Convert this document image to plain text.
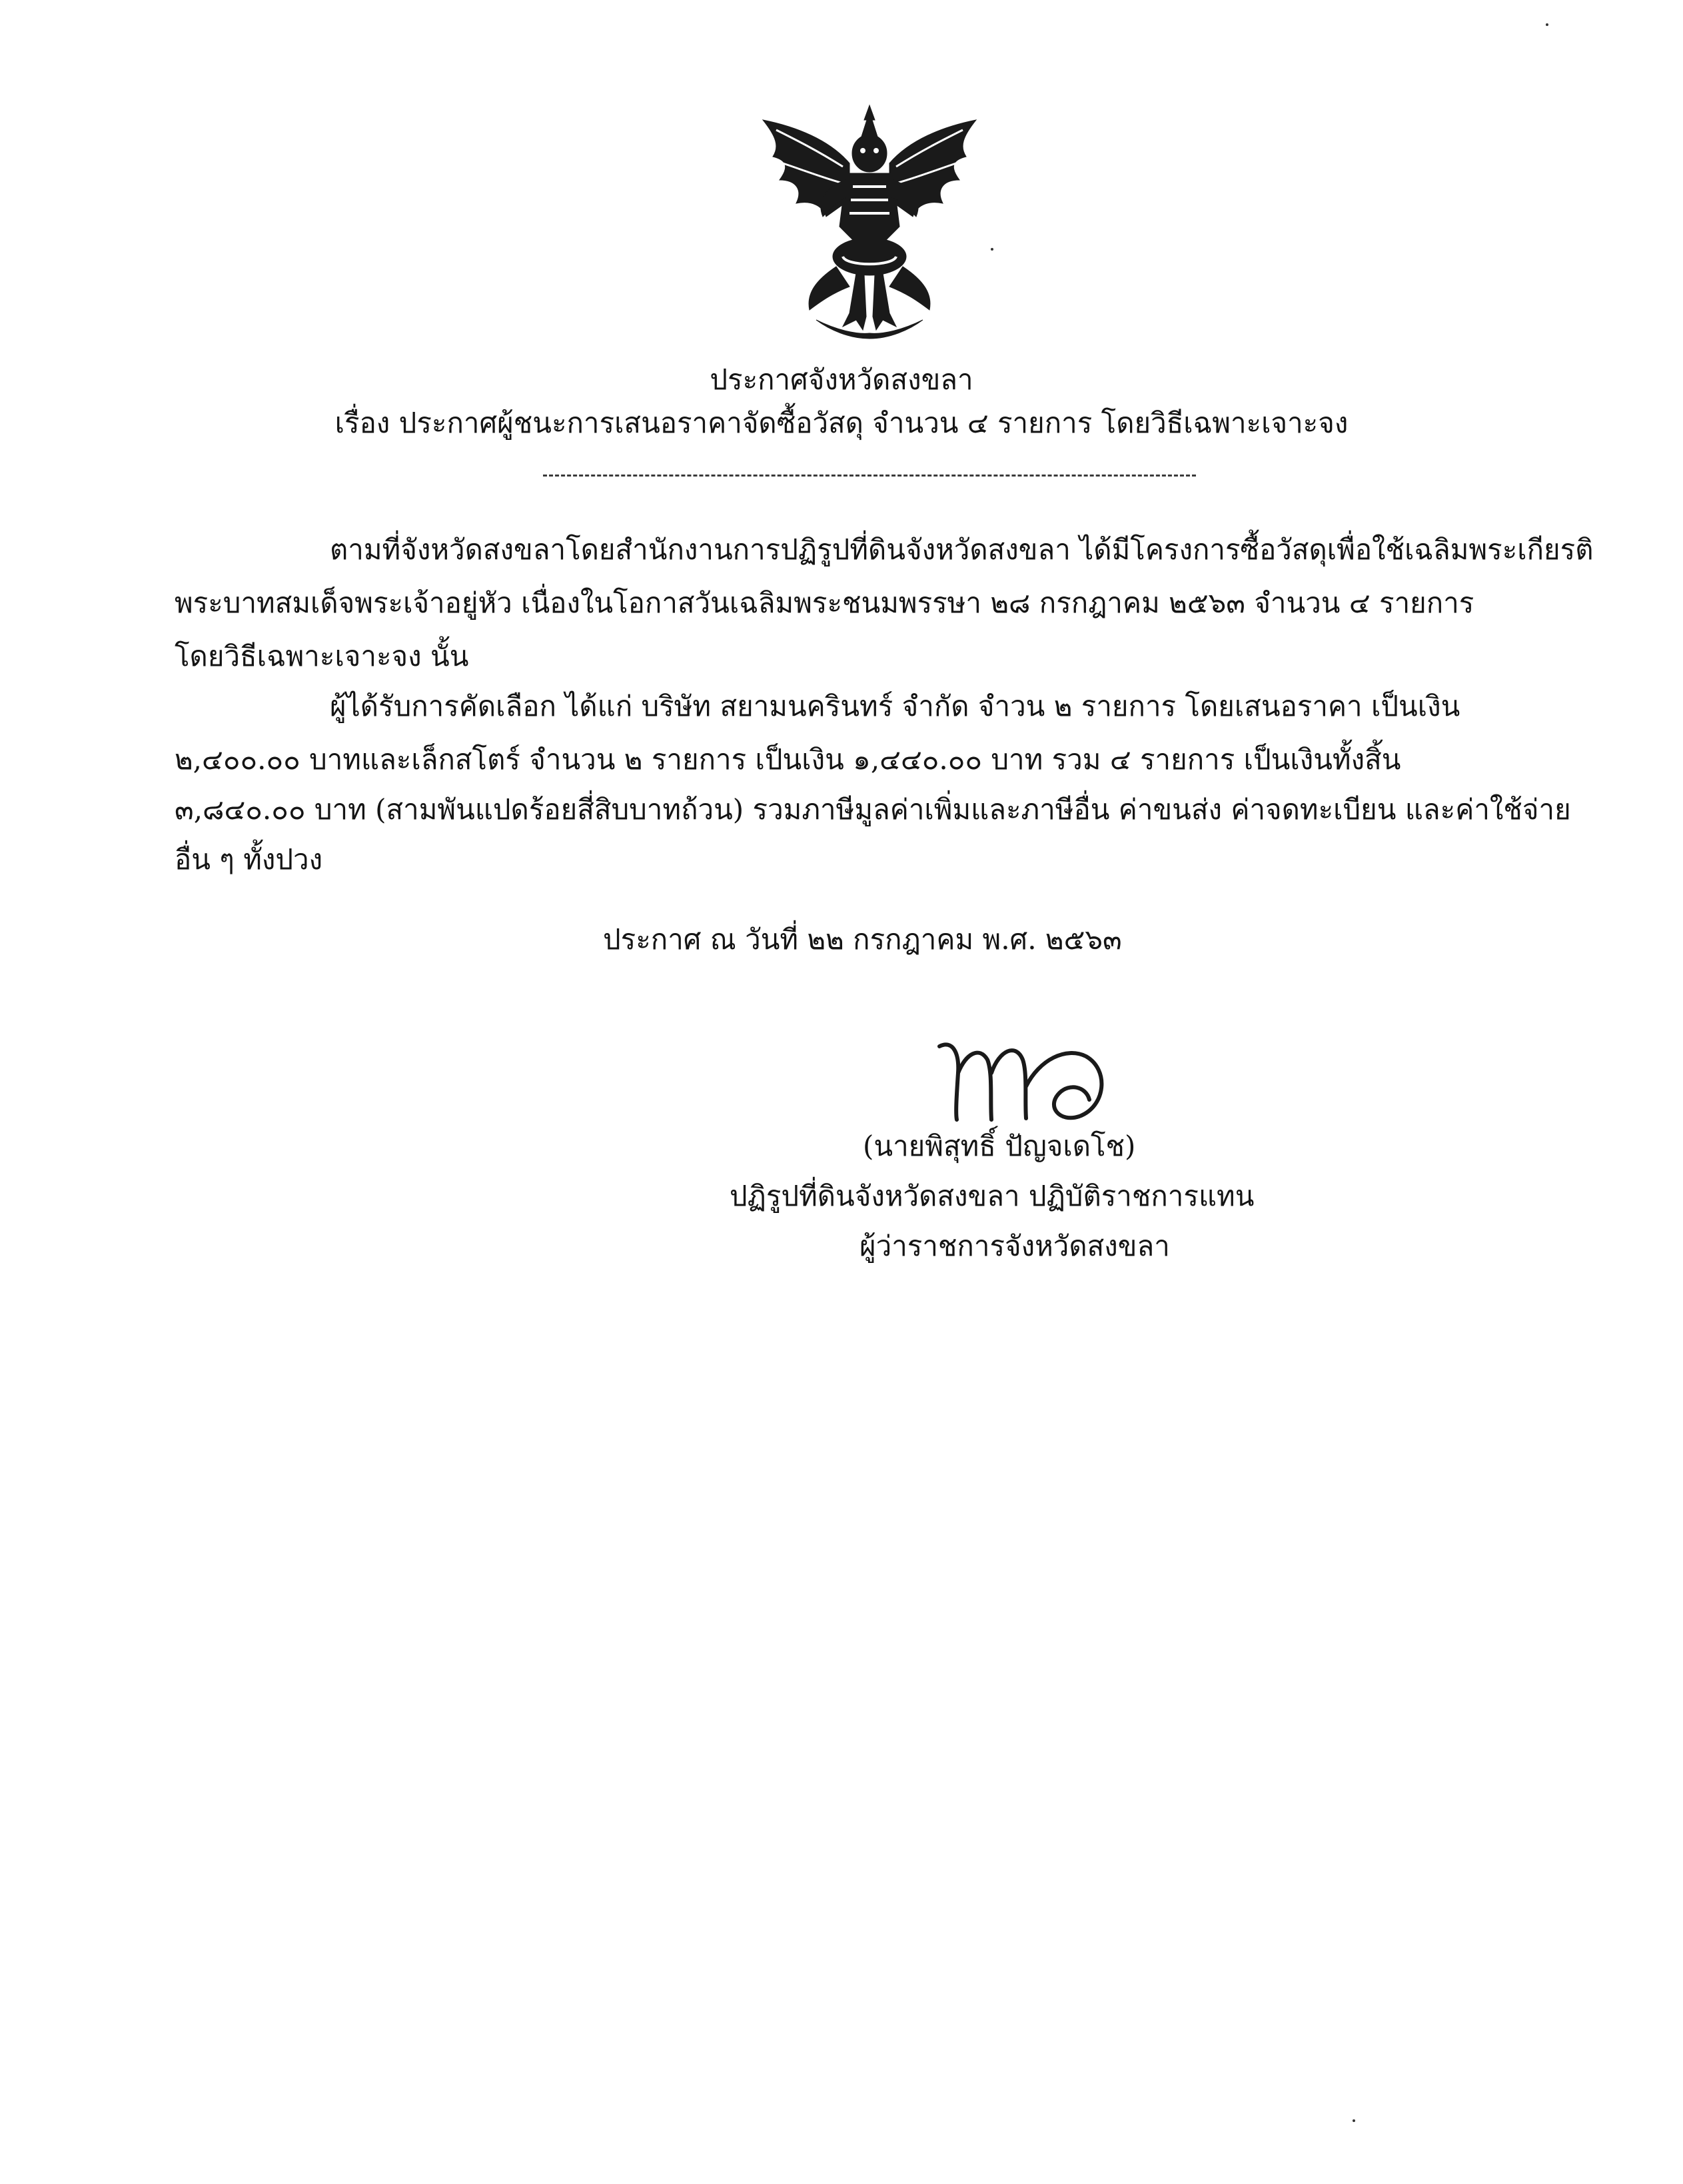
ประกาศจังหวัดสงขลา
เรื่อง ประกาศผู้ชนะการเสนอราคาจัดซื้อวัสดุ จำนวน ๔ รายการ โดยวิธีเฉพาะเจาะจง
ตามที่จังหวัดสงขลาโดยสำนักงานการปฏิรูปที่ดินจังหวัดสงขลา ได้มีโครงการซื้อวัสดุเพื่อใช้เฉลิมพระเกียรติ
พระบาทสมเด็จพระเจ้าอยู่หัว เนื่องในโอกาสวันเฉลิมพระชนมพรรษา ๒๘ กรกฎาคม ๒๕๖๓ จำนวน ๔ รายการ
โดยวิธีเฉพาะเจาะจง นั้น
ผู้ได้รับการคัดเลือก ได้แก่ บริษัท สยามนครินทร์ จำกัด จำวน ๒ รายการ โดยเสนอราคา เป็นเงิน
๒,๔๐๐.๐๐ บาทและเล็กสโตร์ จำนวน ๒ รายการ เป็นเงิน ๑,๔๔๐.๐๐ บาท รวม ๔ รายการ เป็นเงินทั้งสิ้น
๓,๘๔๐.๐๐ บาท (สามพันแปดร้อยสี่สิบบาทถ้วน) รวมภาษีมูลค่าเพิ่มและภาษีอื่น ค่าขนส่ง ค่าจดทะเบียน และค่าใช้จ่าย
อื่น ๆ ทั้งปวง
ประกาศ ณ วันที่ ๒๒ กรกฎาคม พ.ศ. ๒๕๖๓
(นายพิสุทธิ์ ปัญจเดโช)
ปฏิรูปที่ดินจังหวัดสงขลา ปฏิบัติราชการแทน
ผู้ว่าราชการจังหวัดสงขลา
